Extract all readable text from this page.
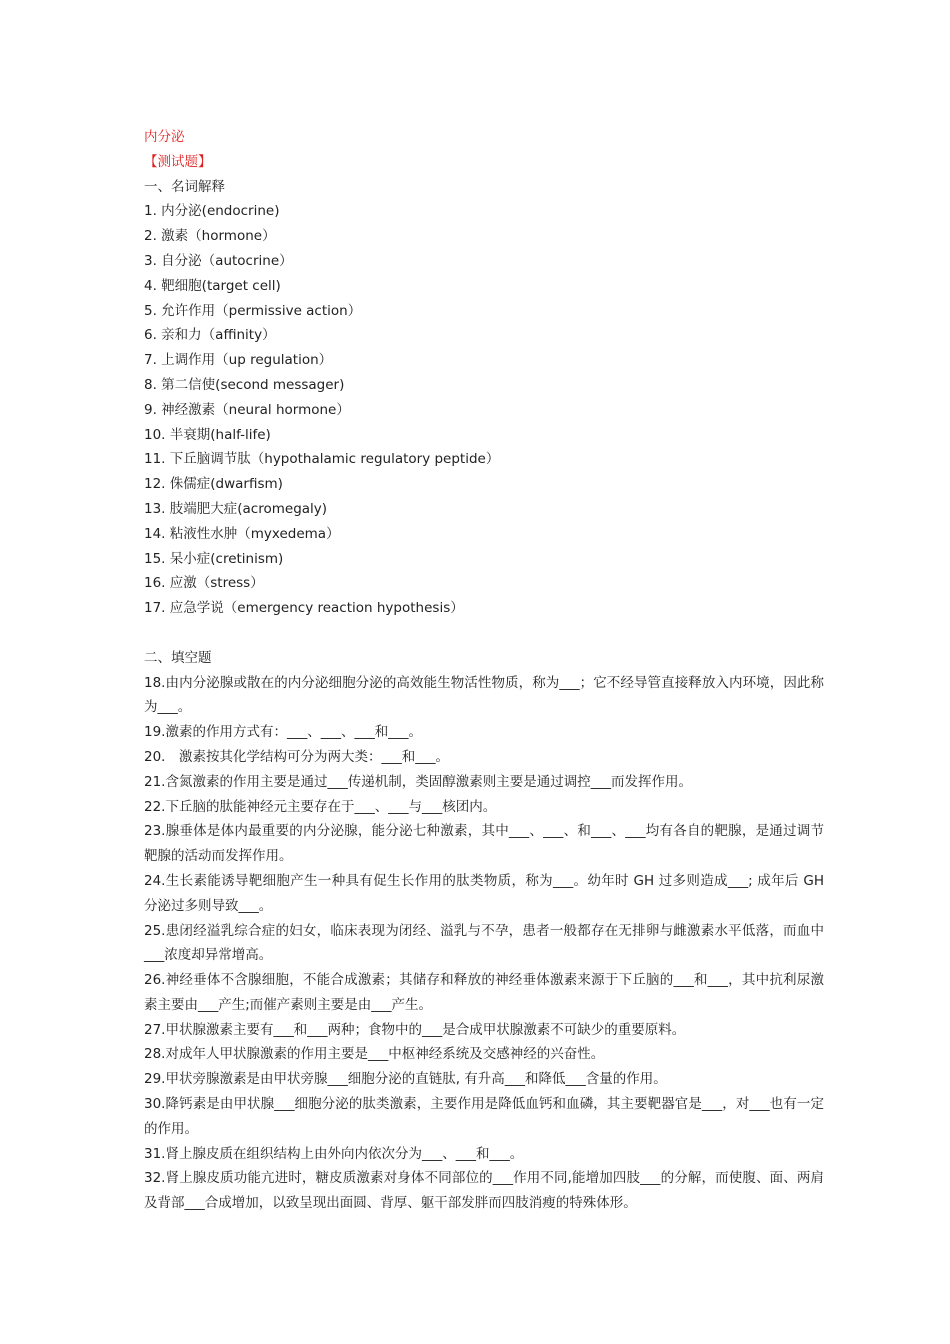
内分泌
【测试题】
一、名词解释
1. 内分泌(endocrine)
2. 激素（hormone）
3. 自分泌（autocrine）
4. 靶细胞(target cell)
5. 允许作用（permissive action）
6. 亲和力（affinity）
7. 上调作用（up regulation）
8. 第二信使(second messager)
9. 神经激素（neural hormone）
10. 半衰期(half-life)
11. 下丘脑调节肽（hypothalamic regulatory peptide）
12. 侏儒症(dwarfism)
13. 肢端肥大症(acromegaly)
14. 粘液性水肿（myxedema）
15. 呆小症(cretinism)
16. 应激（stress）
17. 应急学说（emergency reaction hypothesis）
二、填空题
18.由内分泌腺或散在的内分泌细胞分泌的高效能生物活性物质，称为___；它不经导管直接释放入内环境，因此称为___。
19.激素的作用方式有：___、___、___和___。
20． 激素按其化学结构可分为两大类：___和___。
21.含氮激素的作用主要是通过___传递机制，类固醇激素则主要是通过调控___而发挥作用。
22.下丘脑的肽能神经元主要存在于___、___与___核团内。
23.腺垂体是体内最重要的内分泌腺，能分泌七种激素，其中___、___、和___、___均有各自的靶腺，是通过调节靶腺的活动而发挥作用。
24.生长素能诱导靶细胞产生一种具有促生长作用的肽类物质，称为___。幼年时 GH 过多则造成___; 成年后 GH 分泌过多则导致___。
25.患闭经溢乳综合症的妇女，临床表现为闭经、溢乳与不孕，患者一般都存在无排卵与雌激素水平低落，而血中___浓度却异常增高。
26.神经垂体不含腺细胞，不能合成激素；其储存和释放的神经垂体激素来源于下丘脑的___和___，其中抗利尿激素主要由___产生;而催产素则主要是由___产生。
27.甲状腺激素主要有___和___两种；食物中的___是合成甲状腺激素不可缺少的重要原料。
28.对成年人甲状腺激素的作用主要是___中枢神经系统及交感神经的兴奋性。
29.甲状旁腺激素是由甲状旁腺___细胞分泌的直链肽, 有升高___和降低___含量的作用。
30.降钙素是由甲状腺___细胞分泌的肽类激素，主要作用是降低血钙和血磷，其主要靶器官是___，对___也有一定的作用。
31.肾上腺皮质在组织结构上由外向内依次分为___、___和___。
32.肾上腺皮质功能亢进时，糖皮质激素对身体不同部位的___作用不同,能增加四肢___的分解，而使腹、面、两肩及背部___合成增加，以致呈现出面圆、背厚、躯干部发胖而四肢消瘦的特殊体形。
